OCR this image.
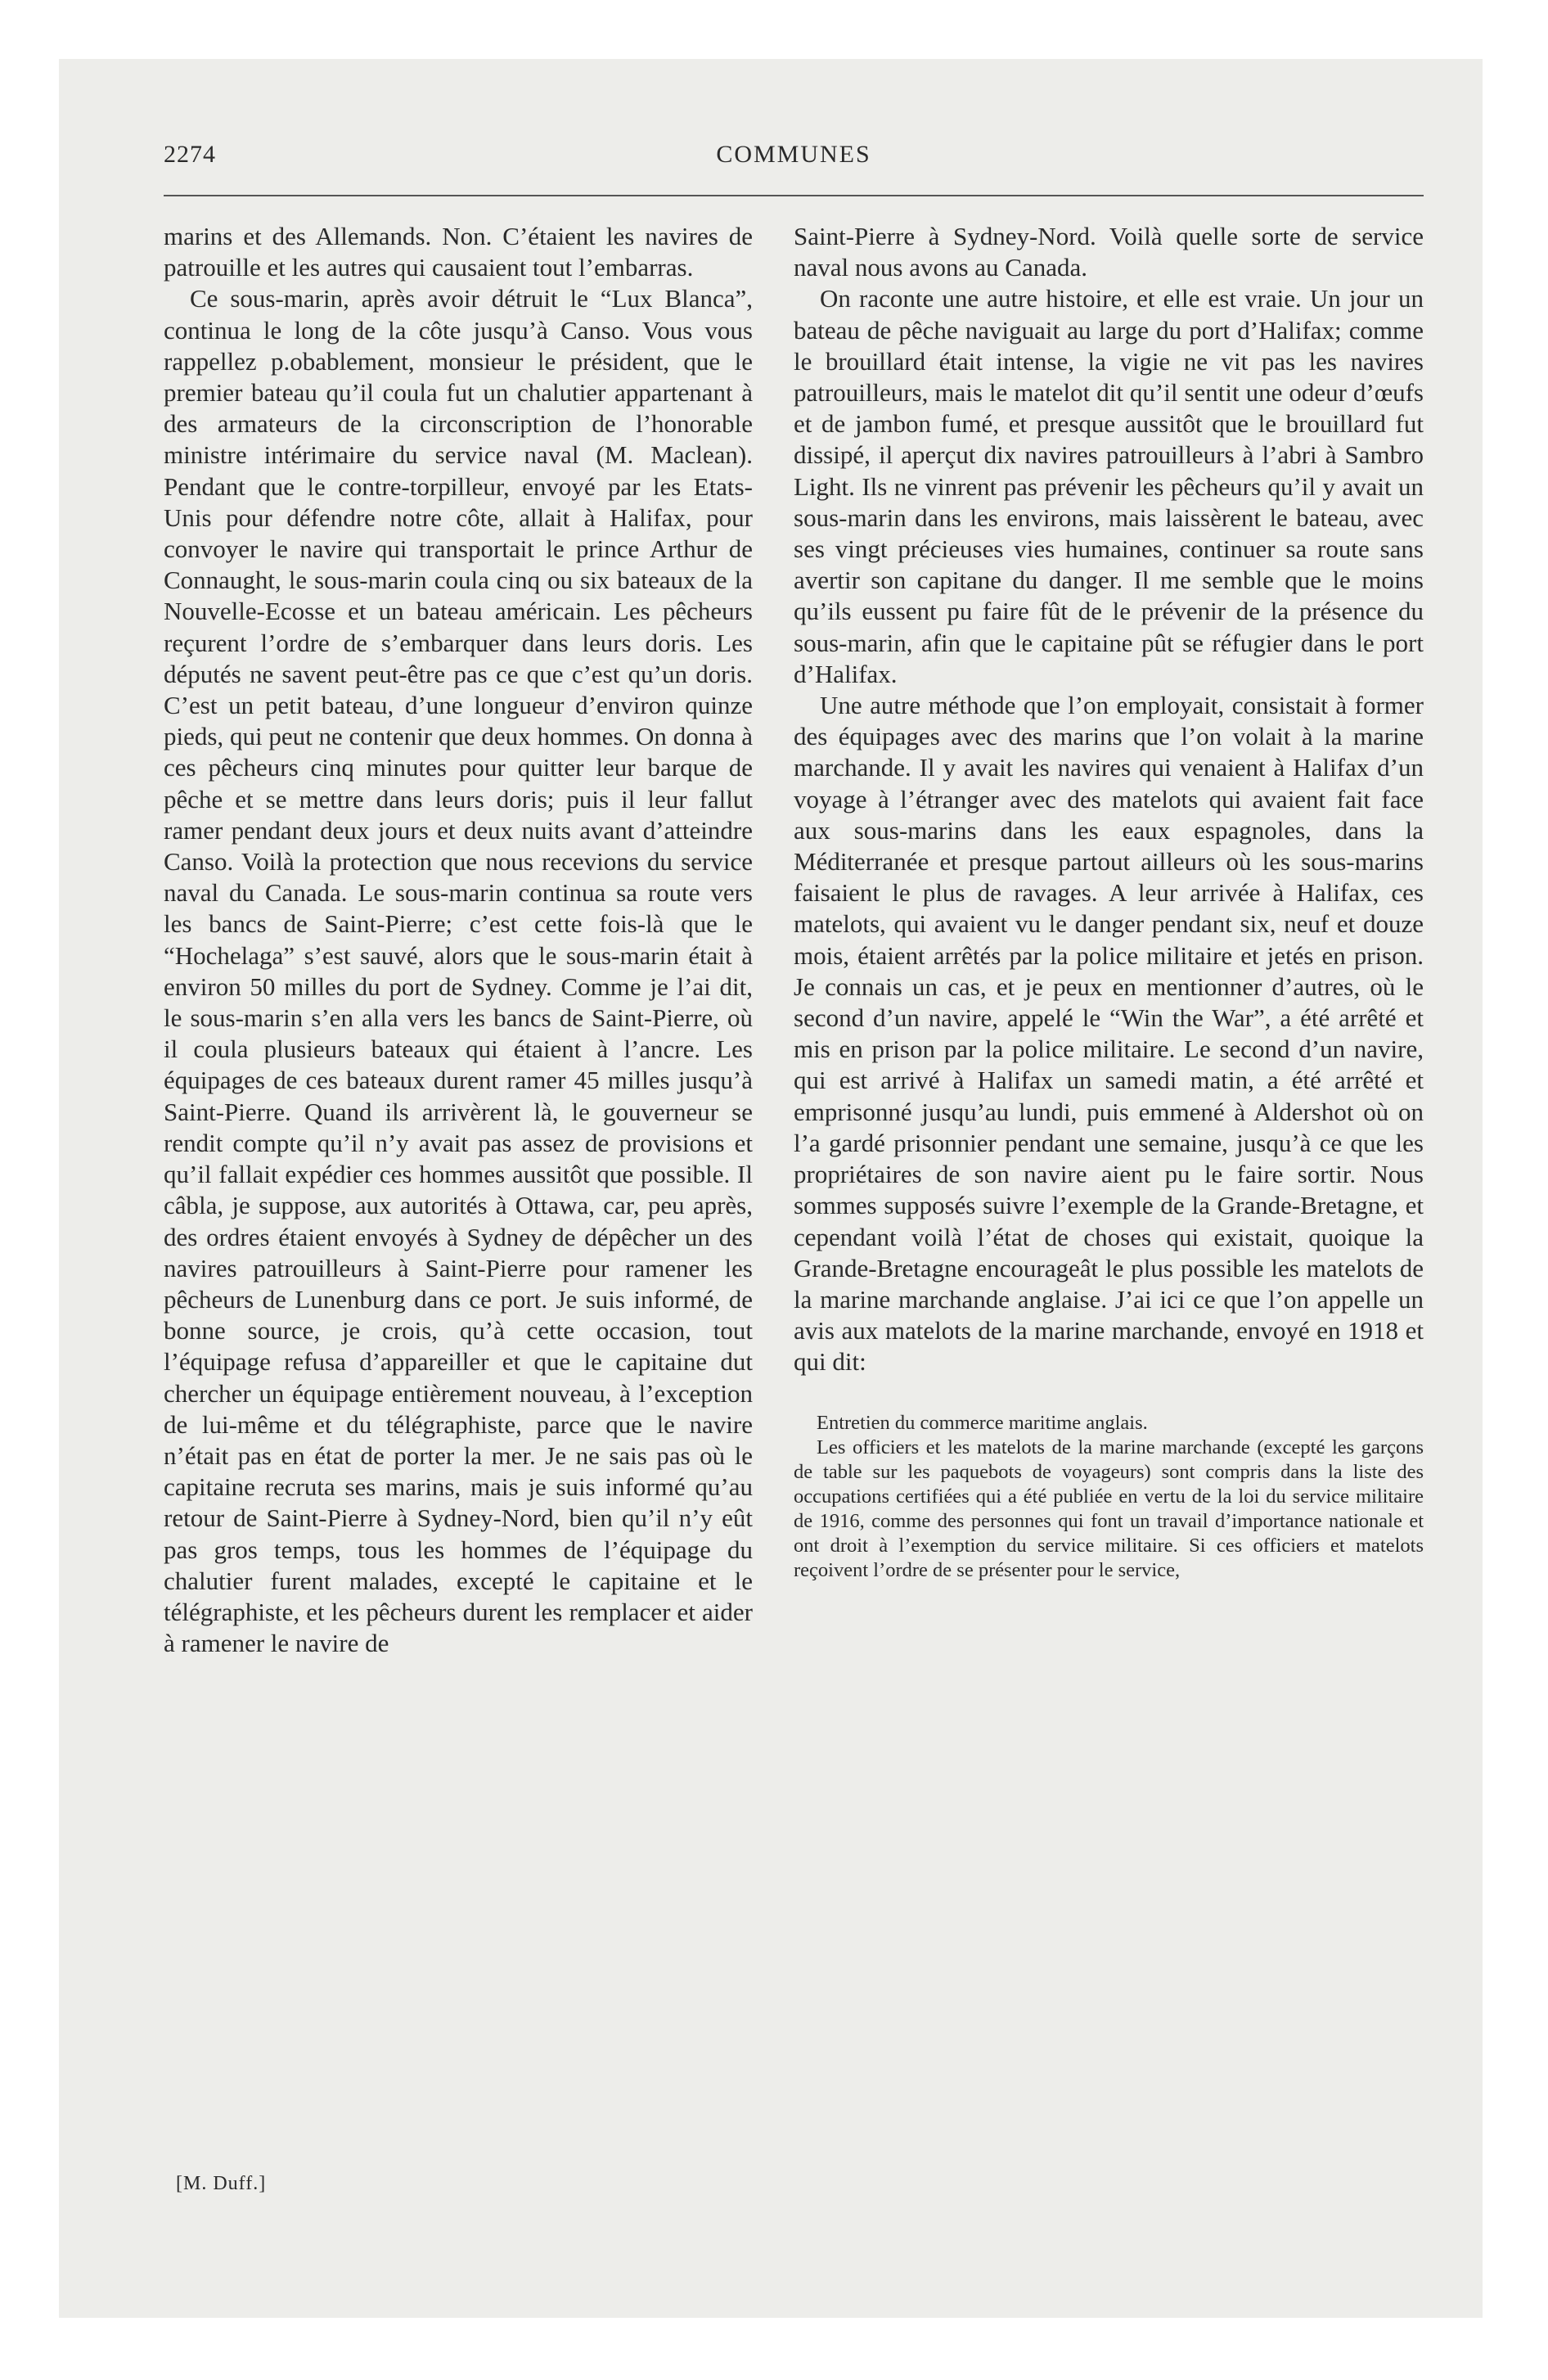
2274	COMMUNES

marins et des Allemands. Non. C’étaient les navires de patrouille et les autres qui causaient tout l’embarras.

Ce sous-marin, après avoir détruit le “Lux Blanca”, continua le long de la côte jusqu’à Canso. Vous vous rappellez p.obablement, monsieur le président, que le premier bateau qu’il coula fut un chalutier appartenant à des armateurs de la circonscription de l’honorable ministre intérimaire du service naval (M. Maclean). Pendant que le contre-torpilleur, envoyé par les Etats-Unis pour défendre notre côte, allait à Halifax, pour convoyer le navire qui transportait le prince Arthur de Connaught, le sous-marin coula cinq ou six bateaux de la Nouvelle-Ecosse et un bateau américain. Les pêcheurs reçurent l’ordre de s’embarquer dans leurs doris. Les députés ne savent peut-être pas ce que c’est qu’un doris. C’est un petit bateau, d’une longueur d’environ quinze pieds, qui peut ne contenir que deux hommes. On donna à ces pêcheurs cinq minutes pour quitter leur barque de pêche et se mettre dans leurs doris; puis il leur fallut ramer pendant deux jours et deux nuits avant d’atteindre Canso. Voilà la protection que nous recevions du service naval du Canada. Le sous-marin continua sa route vers les bancs de Saint-Pierre; c’est cette fois-là que le “Hochelaga” s’est sauvé, alors que le sous-marin était à environ 50 milles du port de Sydney. Comme je l’ai dit, le sous-marin s’en alla vers les bancs de Saint-Pierre, où il coula plusieurs bateaux qui étaient à l’ancre. Les équipages de ces bateaux durent ramer 45 milles jusqu’à Saint-Pierre. Quand ils arrivèrent là, le gouverneur se rendit compte qu’il n’y avait pas assez de provisions et qu’il fallait expédier ces hommes aussitôt que possible. Il câbla, je suppose, aux autorités à Ottawa, car, peu après, des ordres étaient envoyés à Sydney de dépêcher un des navires patrouilleurs à Saint-Pierre pour ramener les pêcheurs de Lunenburg dans ce port. Je suis informé, de bonne source, je crois, qu’à cette occasion, tout l’équipage refusa d’appareiller et que le capitaine dut chercher un équipage entièrement nouveau, à l’exception de lui-même et du télégraphiste, parce que le navire n’était pas en état de porter la mer. Je ne sais pas où le capitaine recruta ses marins, mais je suis informé qu’au retour de Saint-Pierre à Sydney-Nord, bien qu’il n’y eût pas gros temps, tous les hommes de l’équipage du chalutier furent malades, excepté le capitaine et le télégraphiste, et les pêcheurs durent les remplacer et aider à ramener le navire de

Saint-Pierre à Sydney-Nord. Voilà quelle sorte de service naval nous avons au Canada.

On raconte une autre histoire, et elle est vraie. Un jour un bateau de pêche naviguait au large du port d’Halifax; comme le brouillard était intense, la vigie ne vit pas les navires patrouilleurs, mais le matelot dit qu’il sentit une odeur d’œufs et de jambon fumé, et presque aussitôt que le brouillard fut dissipé, il aperçut dix navires patrouilleurs à l’abri à Sambro Light. Ils ne vinrent pas prévenir les pêcheurs qu’il y avait un sous-marin dans les environs, mais laissèrent le bateau, avec ses vingt précieuses vies humaines, continuer sa route sans avertir son capitane du danger. Il me semble que le moins qu’ils eussent pu faire fût de le prévenir de la présence du sous-marin, afin que le capitaine pût se réfugier dans le port d’Halifax.

Une autre méthode que l’on employait, consistait à former des équipages avec des marins que l’on volait à la marine marchande. Il y avait les navires qui venaient à Halifax d’un voyage à l’étranger avec des matelots qui avaient fait face aux sous-marins dans les eaux espagnoles, dans la Méditerranée et presque partout ailleurs où les sous-marins faisaient le plus de ravages. A leur arrivée à Halifax, ces matelots, qui avaient vu le danger pendant six, neuf et douze mois, étaient arrêtés par la police militaire et jetés en prison. Je connais un cas, et je peux en mentionner d’autres, où le second d’un navire, appelé le “Win the War”, a été arrêté et mis en prison par la police militaire. Le second d’un navire, qui est arrivé à Halifax un samedi matin, a été arrêté et emprisonné jusqu’au lundi, puis emmené à Aldershot où on l’a gardé prisonnier pendant une semaine, jusqu’à ce que les propriétaires de son navire aient pu le faire sortir. Nous sommes supposés suivre l’exemple de la Grande-Bretagne, et cependant voilà l’état de choses qui existait, quoique la Grande-Bretagne encourageât le plus possible les matelots de la marine marchande anglaise. J’ai ici ce que l’on appelle un avis aux matelots de la marine marchande, envoyé en 1918 et qui dit:

Entretien du commerce maritime anglais.

Les officiers et les matelots de la marine marchande (excepté les garçons de table sur les paquebots de voyageurs) sont compris dans la liste des occupations certifiées qui a été publiée en vertu de la loi du service militaire de 1916, comme des personnes qui font un travail d’importance nationale et ont droit à l’exemption du service militaire. Si ces officiers et matelots reçoivent l’ordre de se présenter pour le service,

[M. Duff.]
